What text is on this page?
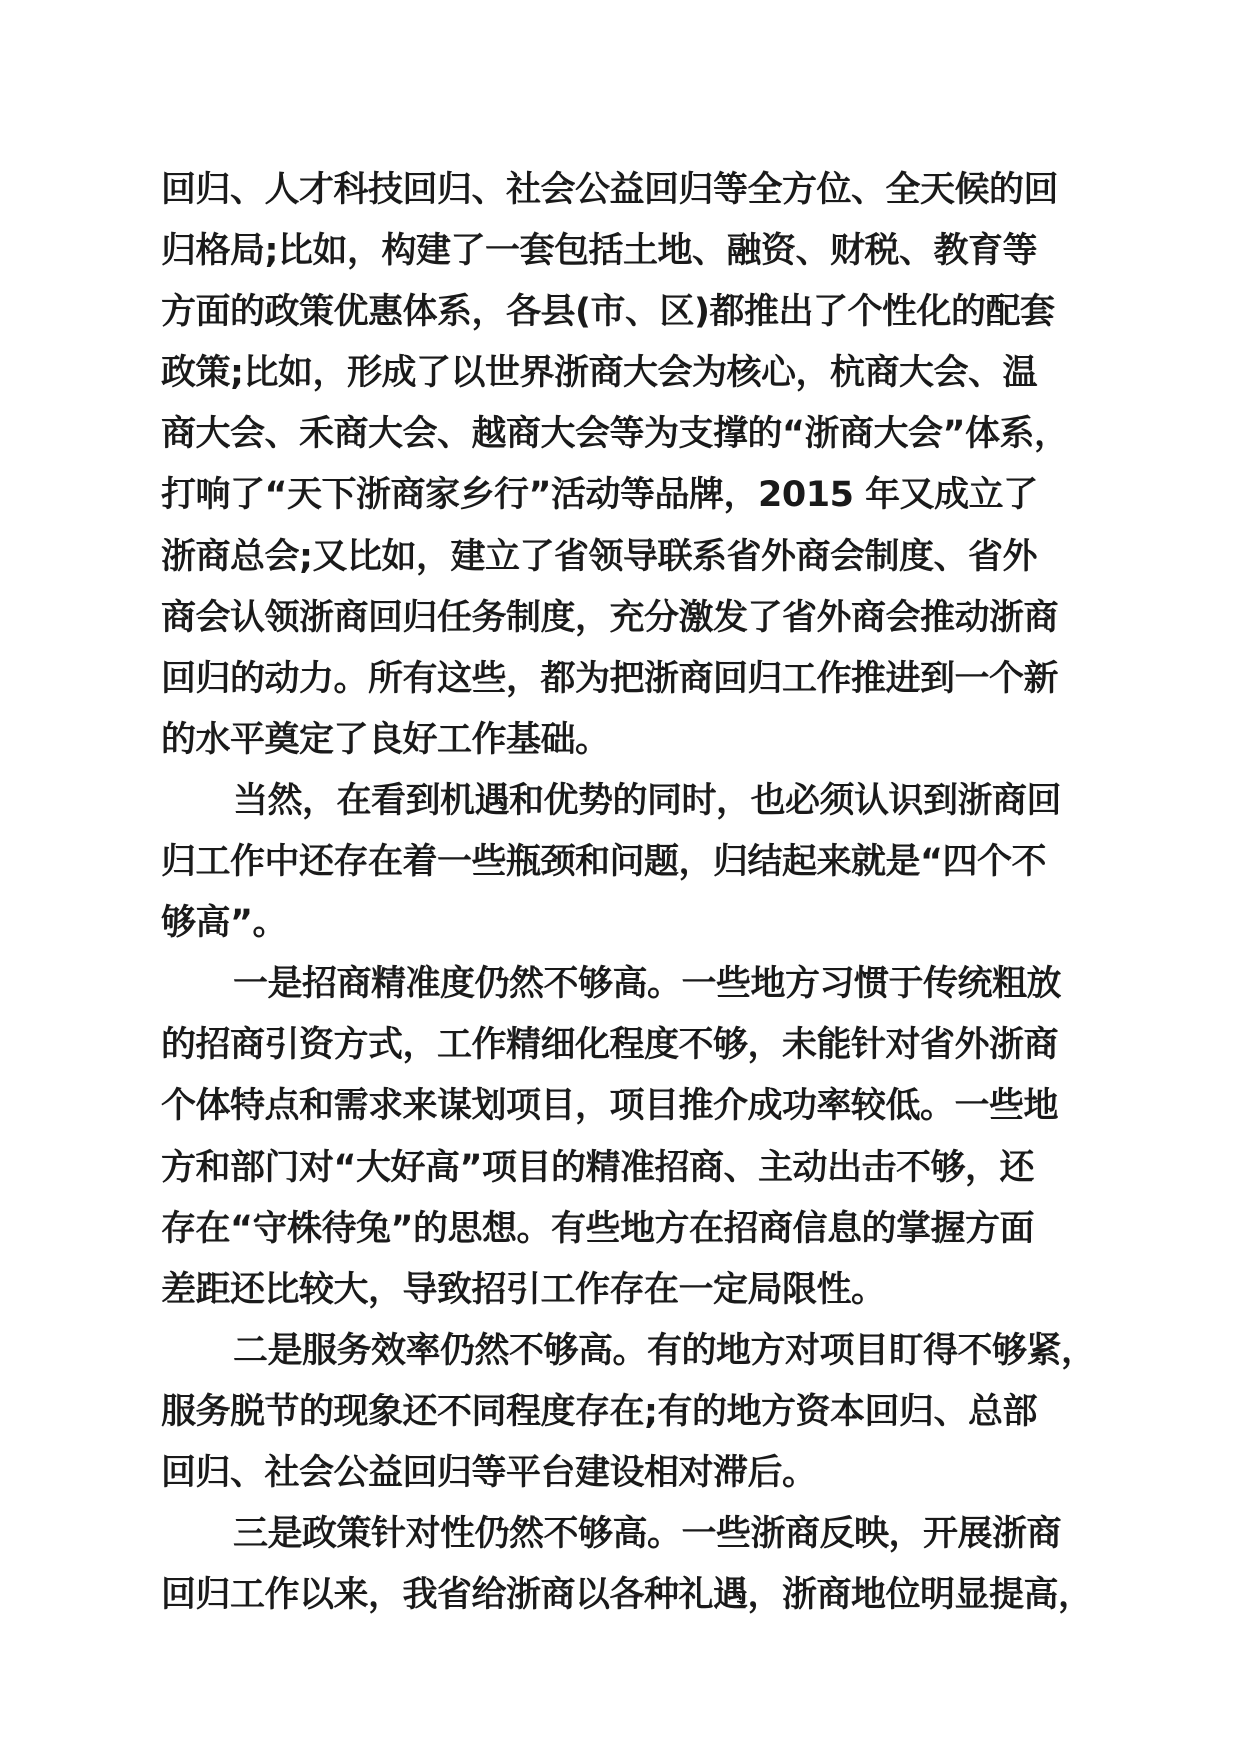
回归、人才科技回归、社会公益回归等全方位、全天候的回
归格局;比如，构建了一套包括土地、融资、财税、教育等
方面的政策优惠体系，各县(市、区)都推出了个性化的配套
政策;比如，形成了以世界浙商大会为核心，杭商大会、温
商大会、禾商大会、越商大会等为支撑的“浙商大会”体系，
打响了“天下浙商家乡行”活动等品牌，2015 年又成立了
浙商总会;又比如，建立了省领导联系省外商会制度、省外
商会认领浙商回归任务制度，充分激发了省外商会推动浙商
回归的动力。所有这些，都为把浙商回归工作推进到一个新
的水平奠定了良好工作基础。
当然，在看到机遇和优势的同时，也必须认识到浙商回
归工作中还存在着一些瓶颈和问题，归结起来就是“四个不
够高”。
一是招商精准度仍然不够高。一些地方习惯于传统粗放
的招商引资方式，工作精细化程度不够，未能针对省外浙商
个体特点和需求来谋划项目，项目推介成功率较低。一些地
方和部门对“大好高”项目的精准招商、主动出击不够，还
存在“守株待兔”的思想。有些地方在招商信息的掌握方面
差距还比较大，导致招引工作存在一定局限性。
二是服务效率仍然不够高。有的地方对项目盯得不够紧，
服务脱节的现象还不同程度存在;有的地方资本回归、总部
回归、社会公益回归等平台建设相对滞后。
三是政策针对性仍然不够高。一些浙商反映，开展浙商
回归工作以来，我省给浙商以各种礼遇，浙商地位明显提高，
